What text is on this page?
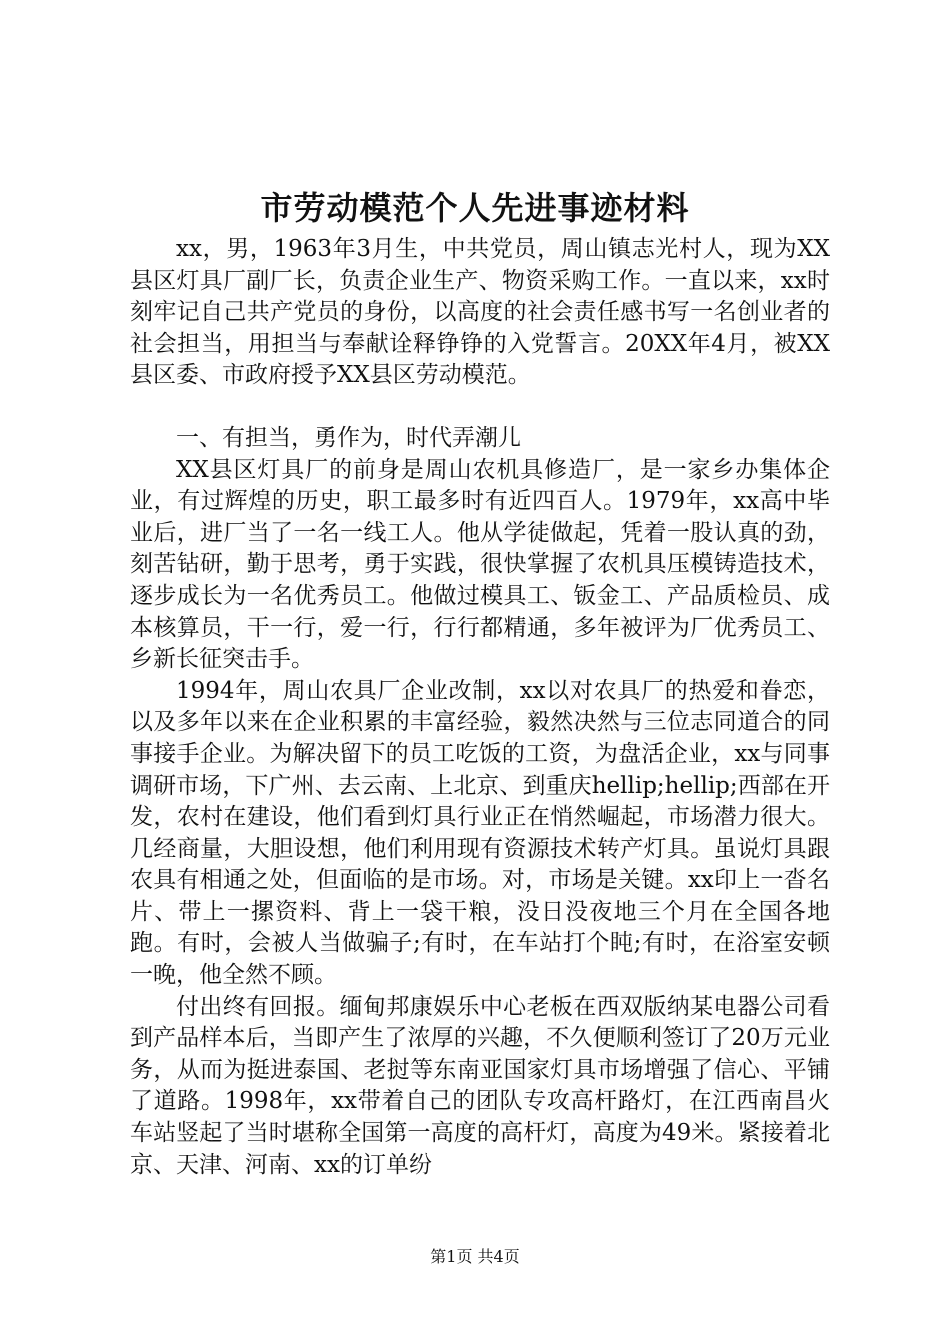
市劳动模范个人先进事迹材料

xx，男，1963年3月生，中共党员，周山镇志光村人，现为XX县区灯具厂副厂长，负责企业生产、物资采购工作。一直以来，xx时刻牢记自己共产党员的身份，以高度的社会责任感书写一名创业者的社会担当，用担当与奉献诠释铮铮的入党誓言。20XX年4月，被XX县区委、市政府授予XX县区劳动模范。

一、有担当，勇作为，时代弄潮儿

XX县区灯具厂的前身是周山农机具修造厂，是一家乡办集体企业，有过辉煌的历史，职工最多时有近四百人。1979年，xx高中毕业后，进厂当了一名一线工人。他从学徒做起，凭着一股认真的劲，刻苦钻研，勤于思考，勇于实践，很快掌握了农机具压模铸造技术，逐步成长为一名优秀员工。他做过模具工、钣金工、产品质检员、成本核算员，干一行，爱一行，行行都精通，多年被评为厂优秀员工、乡新长征突击手。

1994年，周山农具厂企业改制，xx以对农具厂的热爱和眷恋，以及多年以来在企业积累的丰富经验，毅然决然与三位志同道合的同事接手企业。为解决留下的员工吃饭的工资，为盘活企业，xx与同事调研市场，下广州、去云南、上北京、到重庆hellip;hellip;西部在开发，农村在建设，他们看到灯具行业正在悄然崛起，市场潜力很大。几经商量，大胆设想，他们利用现有资源技术转产灯具。虽说灯具跟农具有相通之处，但面临的是市场。对，市场是关键。xx印上一沓名片、带上一摞资料、背上一袋干粮，没日没夜地三个月在全国各地跑。有时，会被人当做骗子;有时，在车站打个盹;有时，在浴室安顿一晚，他全然不顾。

付出终有回报。缅甸邦康娱乐中心老板在西双版纳某电器公司看到产品样本后，当即产生了浓厚的兴趣，不久便顺利签订了20万元业务，从而为挺进泰国、老挝等东南亚国家灯具市场增强了信心、平铺了道路。1998年，xx带着自己的团队专攻高杆路灯，在江西南昌火车站竖起了当时堪称全国第一高度的高杆灯，高度为49米。紧接着北京、天津、河南、xx的订单纷

第1页 共4页
